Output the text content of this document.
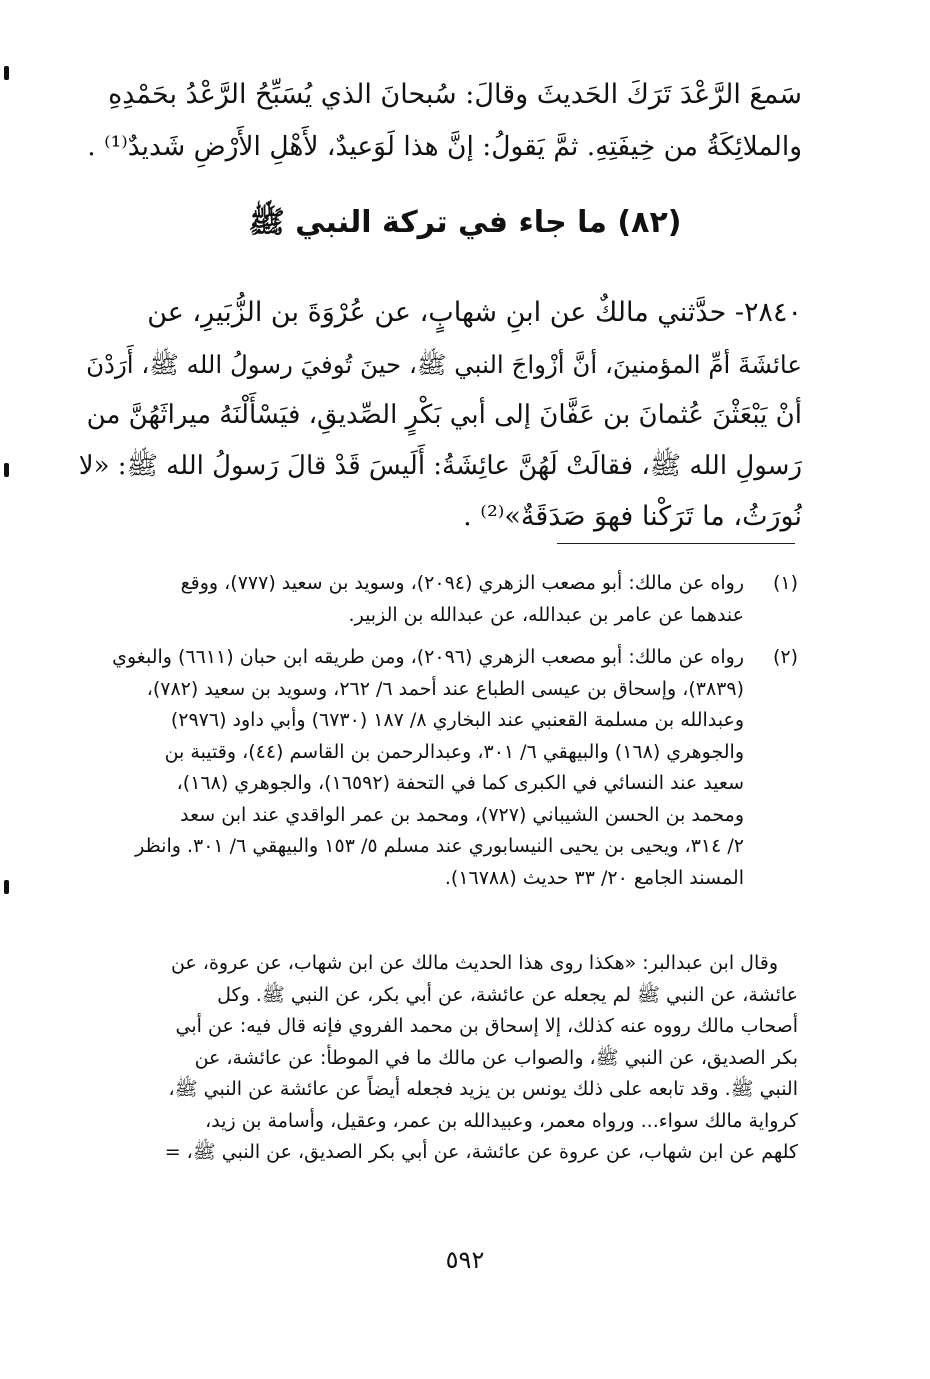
سَمعَ الرَّعْدَ تَرَكَ الحَديثَ وقالَ: سُبحانَ الذي يُسَبِّحُ الرَّعْدُ بحَمْدِهِ
والملائِكَةُ من خِيفَتِهِ. ثمَّ يَقولُ: إنَّ هذا لَوَعيدٌ، لأَهْلِ الأَرْضِ شَديدٌ⁽¹⁾ .
(٨٢) ما جاء في تركة النبي ﷺ
٢٨٤٠- حدَّثني مالكٌ عن ابنِ شهابٍ، عن عُرْوَةَ بن الزُّبَيرِ، عن
عائشَةَ أمِّ المؤمنينَ، أنَّ أزْواجَ النبي ﷺ، حينَ تُوفيَ رسولُ الله ﷺ، أَرَدْنَ
أنْ يَبْعَثْنَ عُثمانَ بن عَفَّانَ إلى أبي بَكْرٍ الصِّديقِ، فيَسْأَلْنَهُ ميراثَهُنَّ من
رَسولِ الله ﷺ، فقالَتْ لَهُنَّ عائِشَةُ: أَلَيسَ قَدْ قالَ رَسولُ الله ﷺ: «لا
نُورَثُ، ما تَرَكْنا فهوَ صَدَقَةٌ»⁽²⁾ .
(١)
رواه عن مالك: أبو مصعب الزهري (٢٠٩٤)، وسويد بن سعيد (٧٧٧)، ووقع
عندهما عن عامر بن عبدالله، عن عبدالله بن الزبير.
(٢)
رواه عن مالك: أبو مصعب الزهري (٢٠٩٦)، ومن طريقه ابن حبان (٦٦١١) والبغوي
(٣٨٣٩)، وإسحاق بن عيسى الطباع عند أحمد ٦/ ٢٦٢، وسويد بن سعيد (٧٨٢)،
وعبدالله بن مسلمة القعنبي عند البخاري ٨/ ١٨٧ (٦٧٣٠) وأبي داود (٢٩٧٦)
والجوهري (١٦٨) والبيهقي ٦/ ٣٠١، وعبدالرحمن بن القاسم (٤٤)، وقتيبة بن
سعيد عند النسائي في الكبرى كما في التحفة (١٦٥٩٢)، والجوهري (١٦٨)،
ومحمد بن الحسن الشيباني (٧٢٧)، ومحمد بن عمر الواقدي عند ابن سعد
٢/ ٣١٤، ويحيى بن يحيى النيسابوري عند مسلم ٥/ ١٥٣ والبيهقي ٦/ ٣٠١. وانظر
المسند الجامع ٢٠/ ٣٣ حديث (١٦٧٨٨).
وقال ابن عبدالبر: «هكذا روى هذا الحديث مالك عن ابن شهاب، عن عروة، عن
عائشة، عن النبي ﷺ لم يجعله عن عائشة، عن أبي بكر، عن النبي ﷺ. وكل
أصحاب مالك رووه عنه كذلك، إلا إسحاق بن محمد الفروي فإنه قال فيه: عن أبي
بكر الصديق، عن النبي ﷺ، والصواب عن مالك ما في الموطأ: عن عائشة، عن
النبي ﷺ. وقد تابعه على ذلك يونس بن يزيد فجعله أيضاً عن عائشة عن النبي ﷺ،
كرواية مالك سواء... ورواه معمر، وعبيدالله بن عمر، وعقيل، وأسامة بن زيد،
كلهم عن ابن شهاب، عن عروة عن عائشة، عن أبي بكر الصديق، عن النبي ﷺ، =
٥٩٢
